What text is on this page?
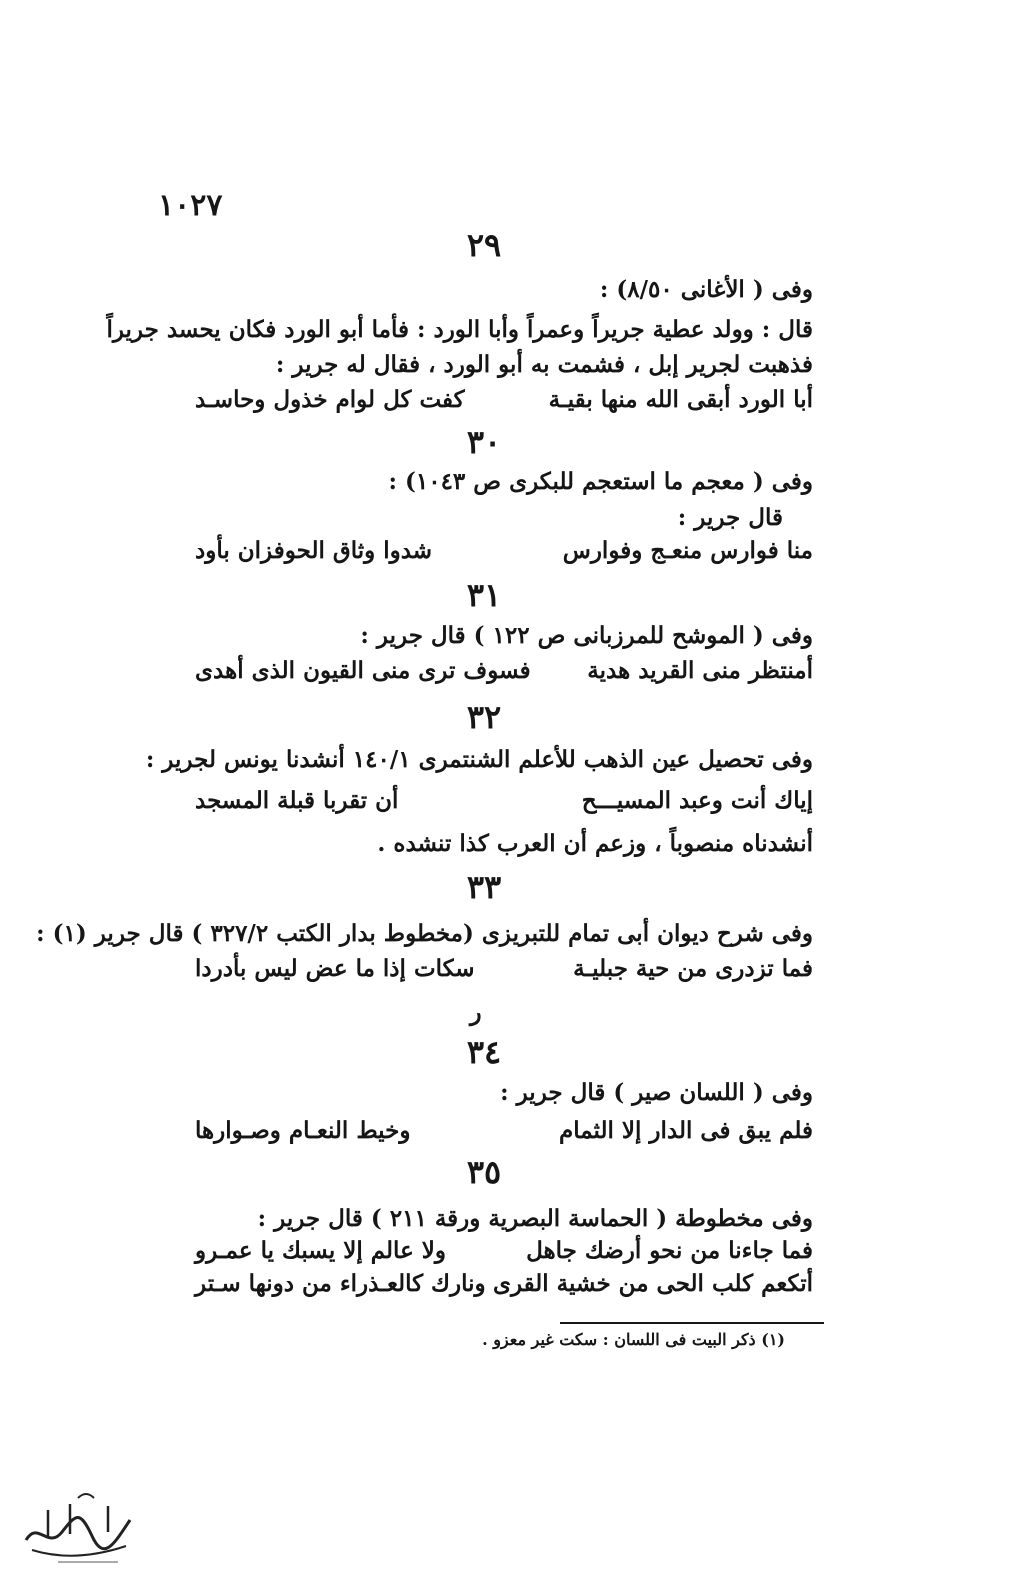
١٠٢٧
٢٩
وفى ( الأغانى ٨/٥٠) :
قال : وولد عطية جريراً وعمراً وأبا الورد : فأما أبو الورد فكان يحسد جريراً
فذهبت لجرير إبل ، فشمت به أبو الورد ، فقال له جرير :
أبا الورد أبقى الله منها بقيـة
كفت كل لوام خذول وحاسـد
٣٠
وفى ( معجم ما استعجم للبكرى ص ١٠٤٣) :
قال جرير :
منا فوارس منعـج وفوارس
شدوا وثاق الحوفزان بأود
٣١
وفى ( الموشح للمرزبانى ص ١٢٢ ) قال جرير :
أمنتظر منى القريد هدية
فسوف ترى منى القيون الذى أهدى
٣٢
وفى تحصيل عين الذهب للأعلم الشنتمرى ١٤٠/١ أنشدنا يونس لجرير :
إياك أنت وعبد المسيـــح
أن تقربا قبلة المسجد
أنشدناه منصوباً ، وزعم أن العرب كذا تنشده .
٣٣
وفى شرح ديوان أبى تمام للتبريزى (مخطوط بدار الكتب ٣٢٧/٢ ) قال جرير (١) :
فما تزدرى من حية جبليـة
سكات إذا ما عض ليس بأدردا
ر
٣٤
وفى ( اللسان صير ) قال جرير :
فلم يبق فى الدار إلا الثمام
وخيط النعـام وصـوارها
٣٥
وفى مخطوطة ( الحماسة البصرية ورقة ٢١١ ) قال جرير :
فما جاءنا من نحو أرضك جاهل
ولا عالم إلا يسبك يا عمـرو
أتكعم كلب الحى من خشية القرى
ونارك كالعـذراء من دونها سـتر
(١) ذكر البيت فى اللسان : سكت غير معزو .
